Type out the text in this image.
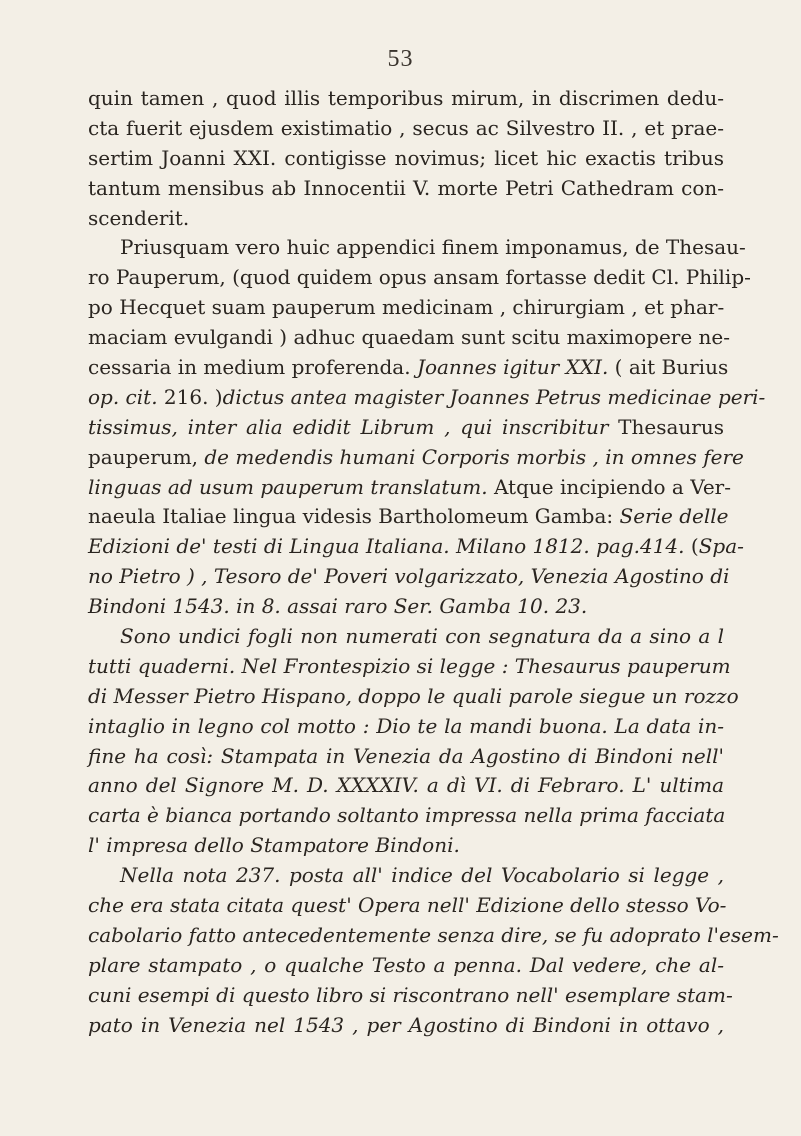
53
quin tamen , quod illis temporibus mirum, in discrimen dedu-
cta fuerit ejusdem existimatio , secus ac Silvestro II. , et prae-
sertim Joanni XXI. contigisse novimus; licet hic exactis tribus
tantum mensibus ab Innocentii V. morte Petri Cathedram con-
scenderit.
Priusquam vero huic appendici finem imponamus, de Thesau-
ro Pauperum, (quod quidem opus ansam fortasse dedit Cl. Philip-
po Hecquet suam pauperum medicinam , chirurgiam , et phar-
maciam evulgandi ) adhuc quaedam sunt scitu maximopere ne-
cessaria in medium proferenda. Joannes igitur XXI. ( ait Burius
op. cit. 216. )dictus antea magister Joannes Petrus medicinae peri-
tissimus, inter alia edidit Librum , qui inscribitur Thesaurus
pauperum, de medendis humani Corporis morbis , in omnes fere
linguas ad usum pauperum translatum. Atque incipiendo a Ver-
naeula Italiae lingua videsis Bartholomeum Gamba: Serie delle
Edizioni de' testi di Lingua Italiana. Milano 1812. pag.414. (Spa-
no Pietro ) , Tesoro de' Poveri volgarizzato, Venezia Agostino di
Bindoni 1543. in 8. assai raro Ser. Gamba 10. 23.
Sono undici fogli non numerati con segnatura da a sino a l
tutti quaderni. Nel Frontespizio si legge : Thesaurus pauperum
di Messer Pietro Hispano, doppo le quali parole siegue un rozzo
intaglio in legno col motto : Dio te la mandi buona. La data in-
fine ha così: Stampata in Venezia da Agostino di Bindoni nell'
anno del Signore M. D. XXXXIV. a dì VI. di Febraro. L' ultima
carta è bianca portando soltanto impressa nella prima facciata
l' impresa dello Stampatore Bindoni.
Nella nota 237. posta all' indice del Vocabolario si legge ,
che era stata citata quest' Opera nell' Edizione dello stesso Vo-
cabolario fatto antecedentemente senza dire, se fu adoprato l'esem-
plare stampato , o qualche Testo a penna. Dal vedere, che al-
cuni esempi di questo libro si riscontrano nell' esemplare stam-
pato in Venezia nel 1543 , per Agostino di Bindoni in ottavo ,
